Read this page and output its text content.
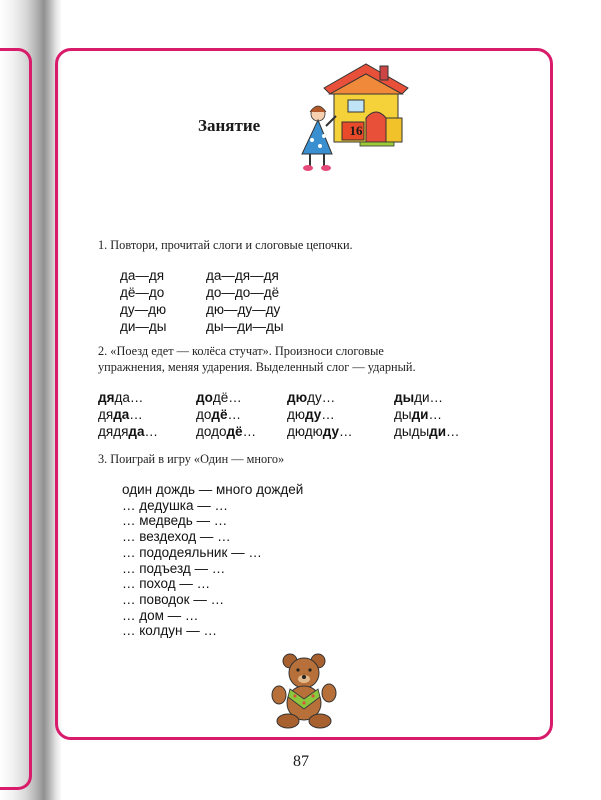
Занятие	16
1. Повтори, прочитай слоги и слоговые цепочки.
да—дя
дё—до
ду—дю
ди—ды
да—дя—дя
до—до—дё
дю—ду—ду
ды—ди—ды
2. «Поезд едет — колёса стучат». Произноси слоговые
упражнения, меняя ударения. Выделенный слог — ударный.
дяда…
дяда…
дядяда…
додё…
додё…
дододё…
дюду…
дюду…
дюдюду…
дыди…
дыди…
дыдыди…
3. Поиграй в игру «Один — много»
один дождь — много дождей
… дедушка — …
… медведь — …
… вездеход — …
… пододеяльник — …
… подъезд — …
… поход — …
… поводок — …
… дом — …
… колдун — …
87
